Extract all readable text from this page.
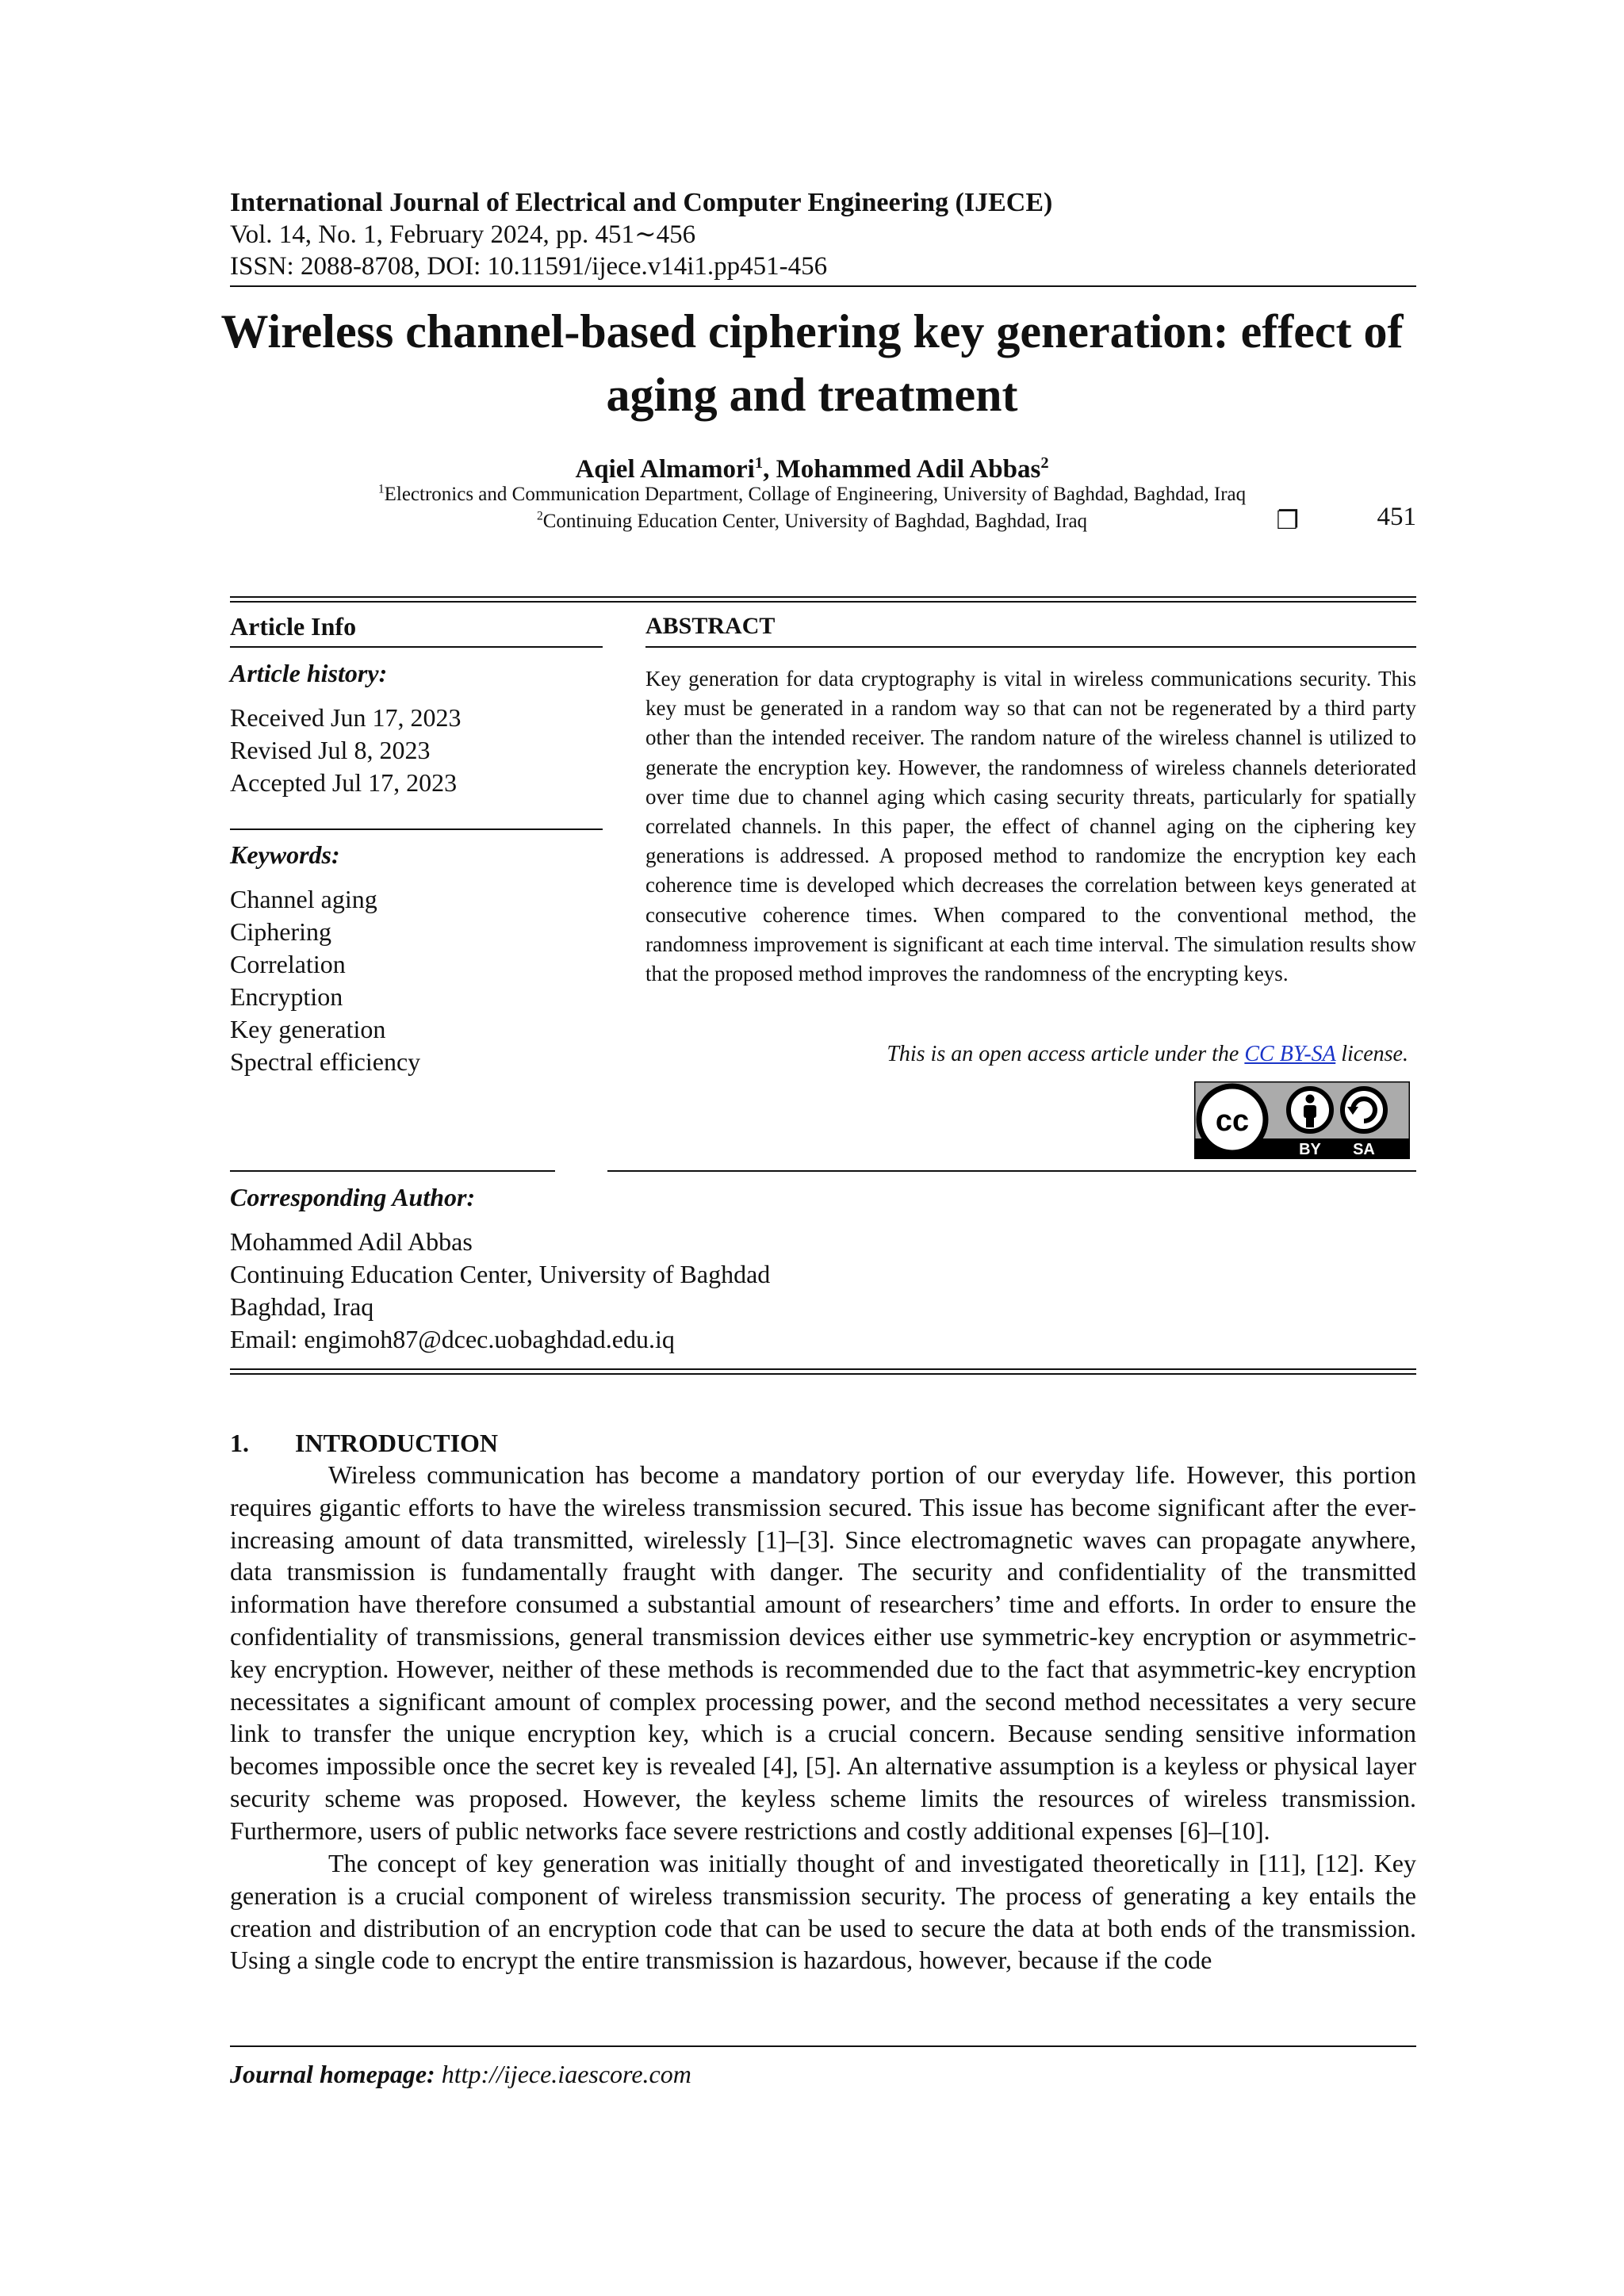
International Journal of Electrical and Computer Engineering (IJECE)
Vol. 14, No. 1, February 2024, pp. 451∼456
ISSN: 2088-8708, DOI: 10.11591/ijece.v14i1.pp451-456
❐	451
Wireless channel-based ciphering key generation: effect of
aging and treatment
Aqiel Almamori$^1$, Mohammed Adil Abbas$^2$
$^1$Electronics and Communication Department, Collage of Engineering, University of Baghdad, Baghdad, Iraq
$^2$Continuing Education Center, University of Baghdad, Baghdad, Iraq
Article Info
Article history:
Received Jun 17, 2023
Revised Jul 8, 2023
Accepted Jul 17, 2023
Keywords:
Channel aging
Ciphering
Correlation
Encryption
Key generation
Spectral efficiency
ABSTRACT
Key generation for data cryptography is vital in wireless communications security. This key must be generated in a random way so that can not be regenerated by a third party other than the intended receiver. The random nature of the wireless channel is utilized to generate the encryption key. However, the randomness of wireless channels deteriorated over time due to channel aging which casing security threats, particularly for spatially correlated channels. In this paper, the effect of channel aging on the ciphering key generations is addressed. A proposed method to randomize the encryption key each coherence time is developed which decreases the correlation between keys generated at consecutive coherence times. When compared to the conventional method, the randomness improvement is significant at each time interval. The simulation results show that the proposed method improves the randomness of the encrypting keys.
This is an open access article under the CC BY-SA license.
cc
BY SA
Corresponding Author:
Mohammed Adil Abbas
Continuing Education Center, University of Baghdad
Baghdad, Iraq
Email: engimoh87@dcec.uobaghdad.edu.iq
1. INTRODUCTION
Wireless communication has become a mandatory portion of our everyday life. However, this portion requires gigantic efforts to have the wireless transmission secured. This issue has become significant after the ever-increasing amount of data transmitted, wirelessly [1]–[3]. Since electromagnetic waves can propagate anywhere, data transmission is fundamentally fraught with danger. The security and confidentiality of the transmitted information have therefore consumed a substantial amount of researchers’ time and efforts. In order to ensure the confidentiality of transmissions, general transmission devices either use symmetric-key encryption or asymmetric-key encryption. However, neither of these methods is recommended due to the fact that asymmetric-key encryption necessitates a significant amount of complex processing power, and the second method necessitates a very secure link to transfer the unique encryption key, which is a crucial concern. Because sending sensitive information becomes impossible once the secret key is revealed [4], [5]. An alternative assumption is a keyless or physical layer security scheme was proposed. However, the keyless scheme limits the resources of wireless transmission. Furthermore, users of public networks face severe restrictions and costly additional expenses [6]–[10].
The concept of key generation was initially thought of and investigated theoretically in [11], [12]. Key generation is a crucial component of wireless transmission security. The process of generating a key entails the creation and distribution of an encryption code that can be used to secure the data at both ends of the transmission. Using a single code to encrypt the entire transmission is hazardous, however, because if the code
Journal homepage: http://ijece.iaescore.com
